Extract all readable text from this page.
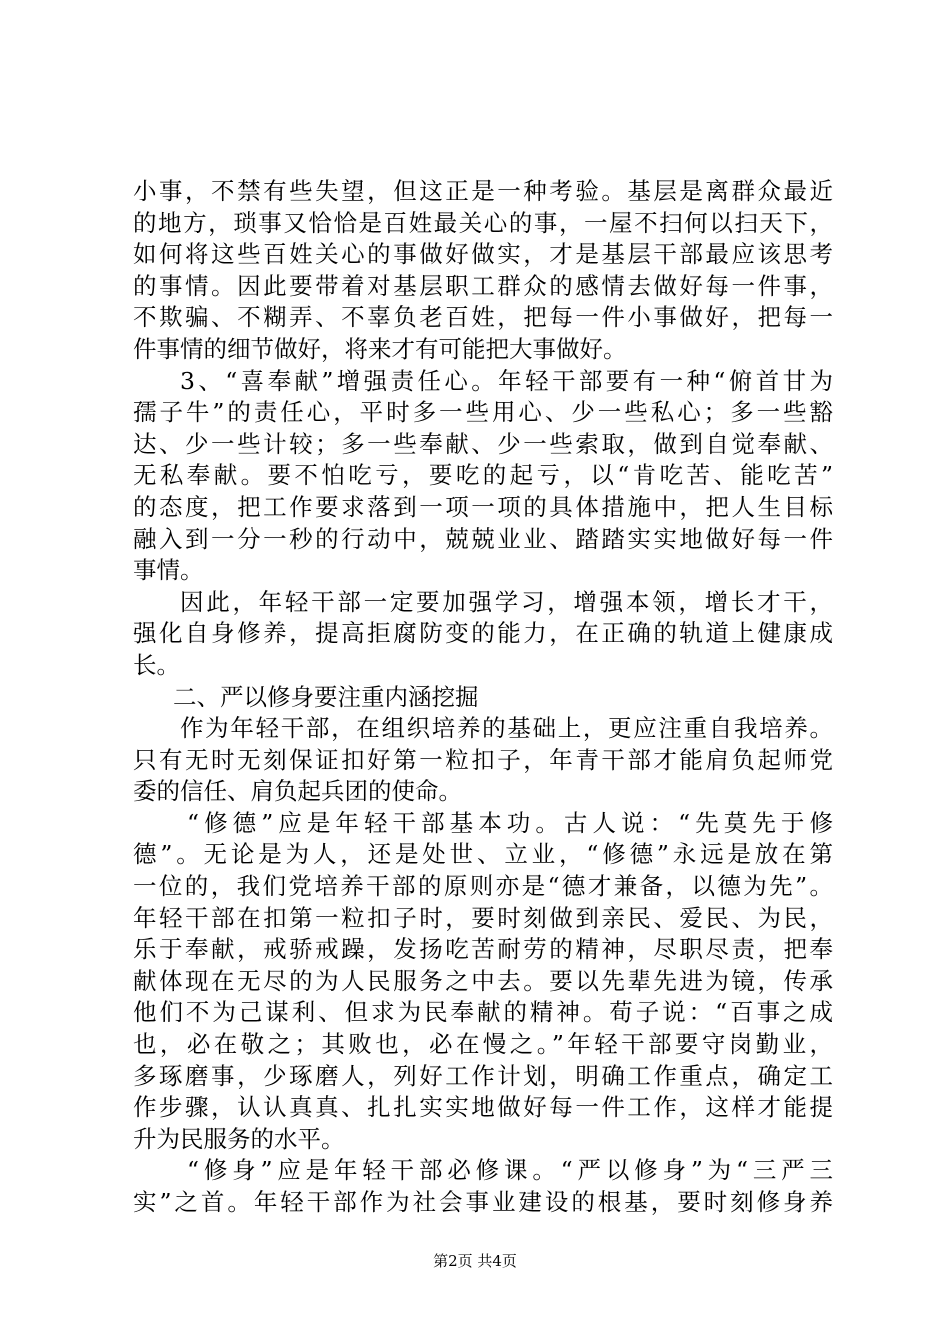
小事，不禁有些失望，但这正是一种考验。基层是离群众最近
的地方，琐事又恰恰是百姓最关心的事，一屋不扫何以扫天下，
如何将这些百姓关心的事做好做实，才是基层干部最应该思考
的事情。因此要带着对基层职工群众的感情去做好每一件事，
不欺骗、不糊弄、不辜负老百姓，把每一件小事做好，把每一
件事情的细节做好，将来才有可能把大事做好。
3、“喜奉献”增强责任心。年轻干部要有一种“俯首甘为
孺子牛”的责任心，平时多一些用心、少一些私心；多一些豁
达、少一些计较；多一些奉献、少一些索取，做到自觉奉献、
无私奉献。要不怕吃亏，要吃的起亏，以“肯吃苦、能吃苦”
的态度，把工作要求落到一项一项的具体措施中，把人生目标
融入到一分一秒的行动中，兢兢业业、踏踏实实地做好每一件
事情。
因此，年轻干部一定要加强学习，增强本领，增长才干，
强化自身修养，提高拒腐防变的能力，在正确的轨道上健康成
长。
二、严以修身要注重内涵挖掘
作为年轻干部，在组织培养的基础上，更应注重自我培养。
只有无时无刻保证扣好第一粒扣子，年青干部才能肩负起师党
委的信任、肩负起兵团的使命。
“修德”应是年轻干部基本功。古人说：“先莫先于修
德”。无论是为人，还是处世、立业，“修德”永远是放在第
一位的，我们党培养干部的原则亦是“德才兼备，以德为先”。
年轻干部在扣第一粒扣子时，要时刻做到亲民、爱民、为民，
乐于奉献，戒骄戒躁，发扬吃苦耐劳的精神，尽职尽责，把奉
献体现在无尽的为人民服务之中去。要以先辈先进为镜，传承
他们不为己谋利、但求为民奉献的精神。荀子说：“百事之成
也，必在敬之；其败也，必在慢之。”年轻干部要守岗勤业，
多琢磨事，少琢磨人，列好工作计划，明确工作重点，确定工
作步骤，认认真真、扎扎实实地做好每一件工作，这样才能提
升为民服务的水平。
“修身”应是年轻干部必修课。“严以修身”为“三严三
实”之首。年轻干部作为社会事业建设的根基，要时刻修身养
第2页 共4页
